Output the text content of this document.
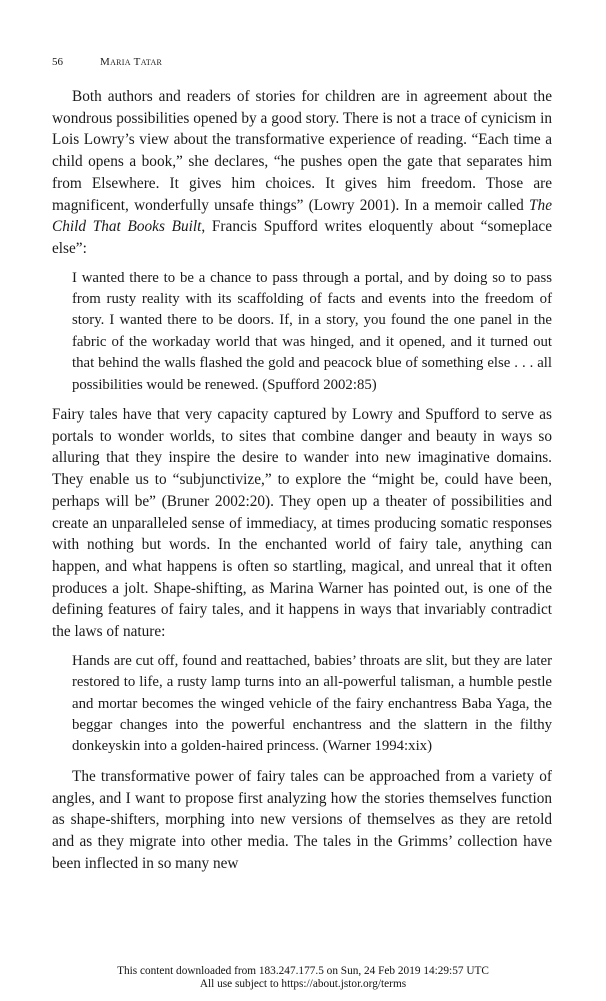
56	Maria Tatar

Both authors and readers of stories for children are in agreement about the wondrous possibilities opened by a good story. There is not a trace of cynicism in Lois Lowry’s view about the transformative experience of reading. “Each time a child opens a book,” she declares, “he pushes open the gate that separates him from Elsewhere. It gives him choices. It gives him freedom. Those are magnificent, wonderfully unsafe things” (Lowry 2001). In a memoir called The Child That Books Built, Francis Spufford writes eloquently about “someplace else”:

I wanted there to be a chance to pass through a portal, and by doing so to pass from rusty reality with its scaffolding of facts and events into the freedom of story. I wanted there to be doors. If, in a story, you found the one panel in the fabric of the workaday world that was hinged, and it opened, and it turned out that behind the walls flashed the gold and peacock blue of something else . . . all possibilities would be renewed. (Spufford 2002:85)

Fairy tales have that very capacity captured by Lowry and Spufford to serve as portals to wonder worlds, to sites that combine danger and beauty in ways so alluring that they inspire the desire to wander into new imaginative domains. They enable us to “subjunctivize,” to explore the “might be, could have been, perhaps will be” (Bruner 2002:20). They open up a theater of possibilities and create an unparalleled sense of immediacy, at times producing somatic responses with nothing but words. In the enchanted world of fairy tale, anything can happen, and what happens is often so startling, magical, and unreal that it often produces a jolt. Shape-shifting, as Marina Warner has pointed out, is one of the defining features of fairy tales, and it happens in ways that invariably contradict the laws of nature:

Hands are cut off, found and reattached, babies’ throats are slit, but they are later restored to life, a rusty lamp turns into an all-powerful talisman, a humble pestle and mortar becomes the winged vehicle of the fairy enchantress Baba Yaga, the beggar changes into the powerful enchantress and the slattern in the filthy donkeyskin into a golden-haired princess. (Warner 1994:xix)

The transformative power of fairy tales can be approached from a variety of angles, and I want to propose first analyzing how the stories themselves function as shape-shifters, morphing into new versions of themselves as they are retold and as they migrate into other media. The tales in the Grimms’ collection have been inflected in so many new

This content downloaded from 183.247.177.5 on Sun, 24 Feb 2019 14:29:57 UTC
All use subject to https://about.jstor.org/terms
